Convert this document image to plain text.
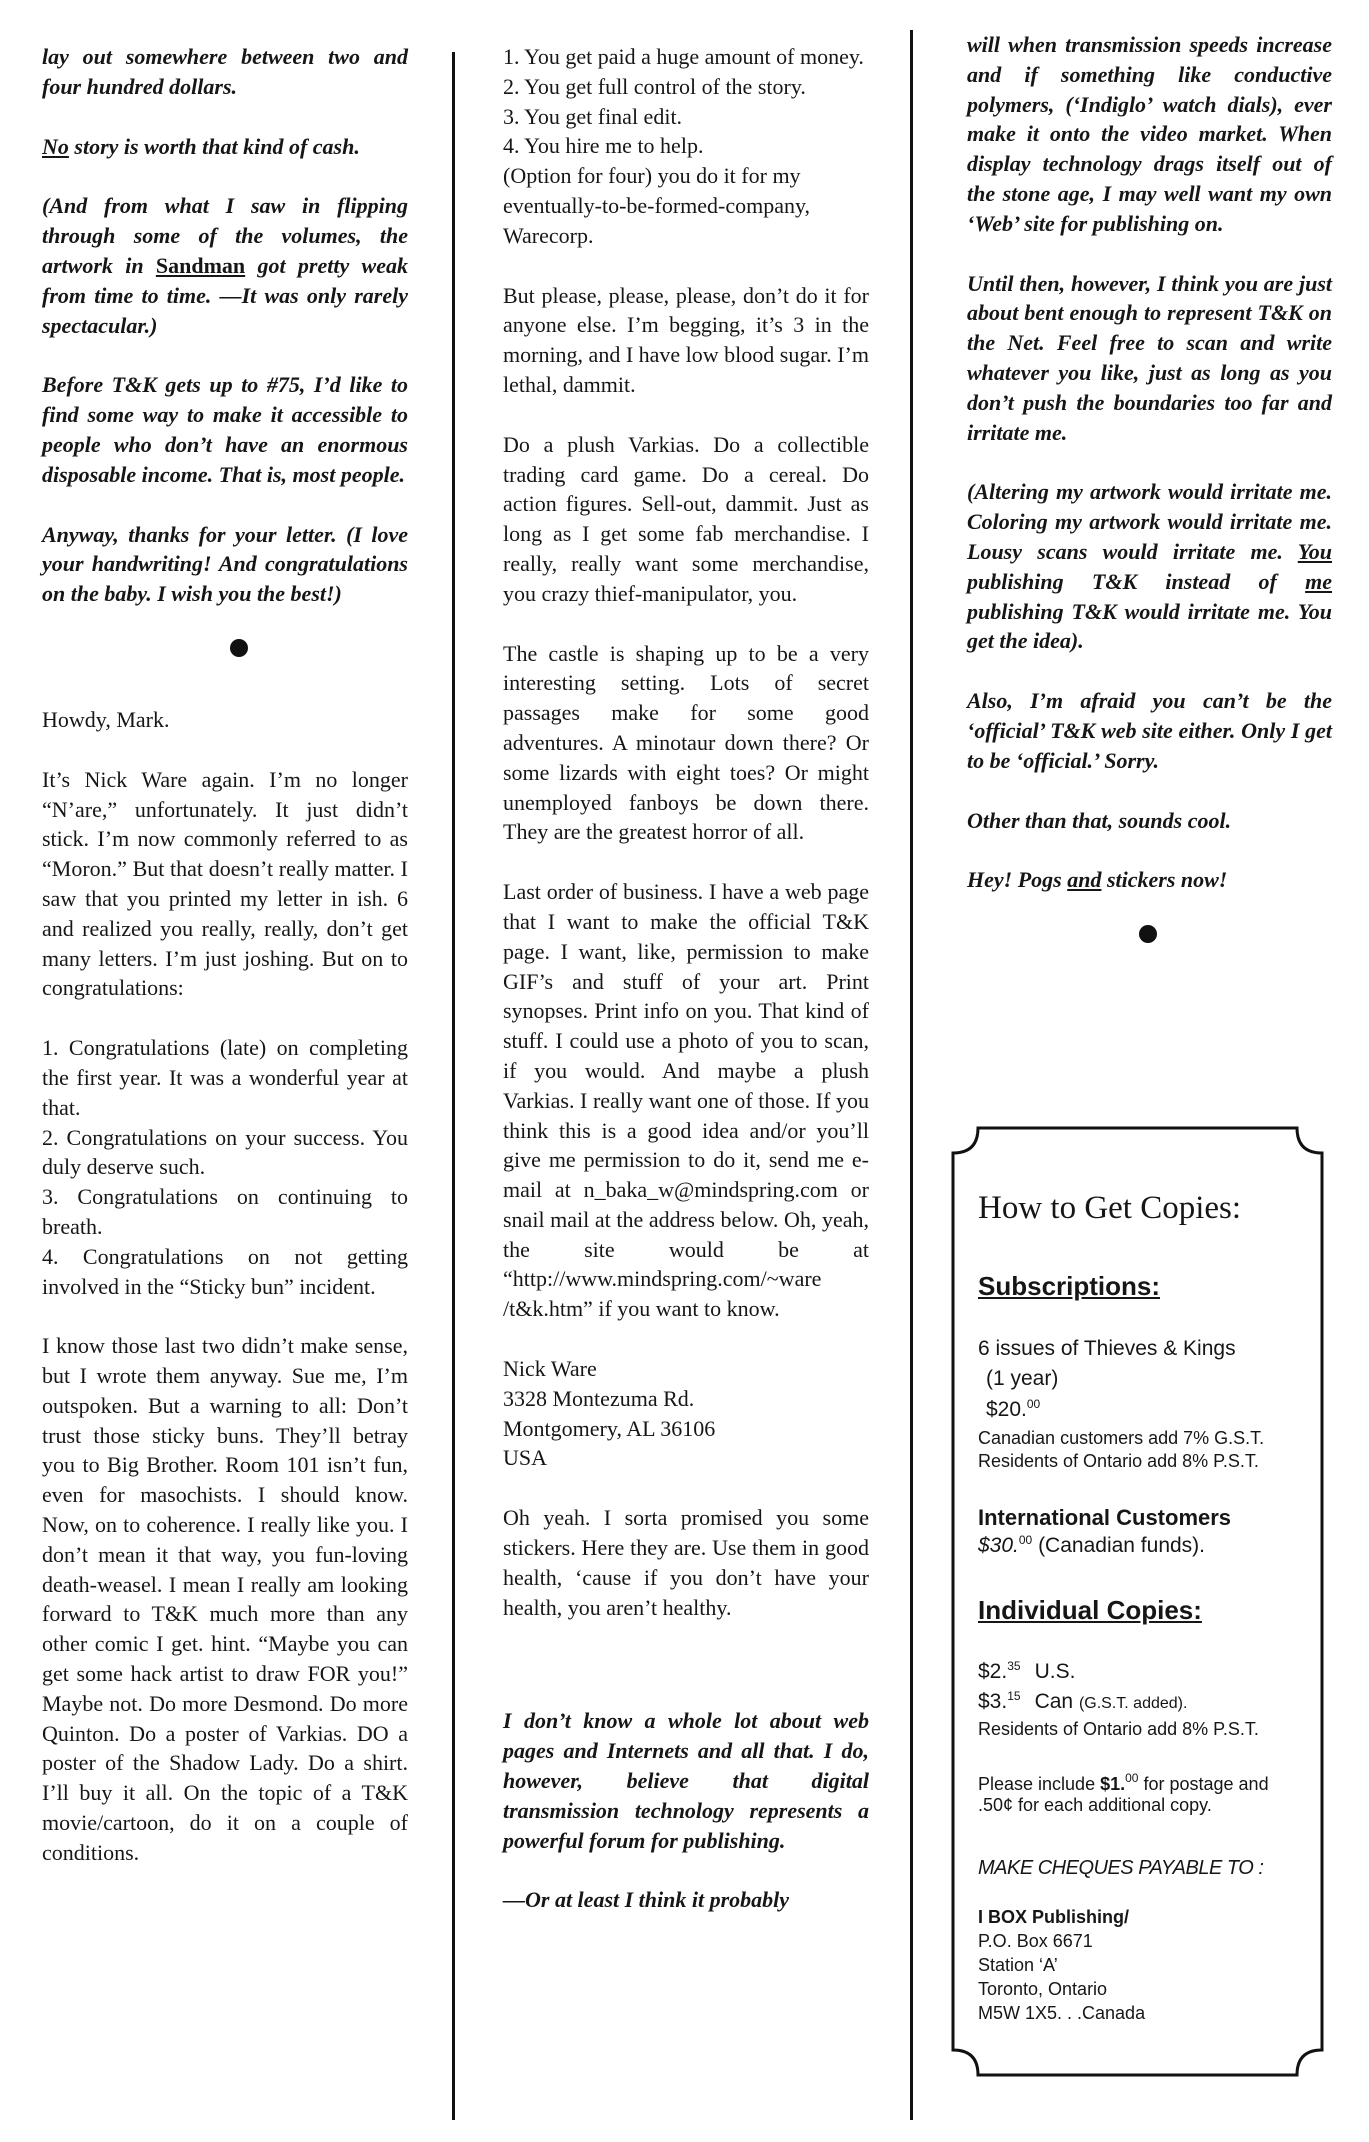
lay out somewhere between two and four hundred dollars.

No story is worth that kind of cash.

(And from what I saw in flipping through some of the volumes, the artwork in Sandman got pretty weak from time to time. —It was only rarely spectacular.)

Before T&K gets up to #75, I’d like to find some way to make it accessible to people who don’t have an enormous disposable income. That is, most people.

Anyway, thanks for your letter. (I love your handwriting! And congratulations on the baby. I wish you the best!)

Howdy, Mark.

It’s Nick Ware again. I’m no longer “N’are,” unfortunately. It just didn’t stick. I’m now commonly referred to as “Moron.” But that doesn’t really matter. I saw that you printed my letter in ish. 6 and realized you really, really, don’t get many letters. I’m just joshing. But on to congratulations:

1. Congratulations (late) on completing the first year. It was a wonderful year at that.
2. Congratulations on your success. You duly deserve such.
3. Congratulations on continuing to breath.
4. Congratulations on not getting involved in the “Sticky bun” incident.

I know those last two didn’t make sense, but I wrote them anyway. Sue me, I’m outspoken. But a warning to all: Don’t trust those sticky buns. They’ll betray you to Big Brother. Room 101 isn’t fun, even for masochists. I should know. Now, on to coherence. I really like you. I don’t mean it that way, you fun-loving death-weasel. I mean I really am looking forward to T&K much more than any other comic I get. hint. “Maybe you can get some hack artist to draw FOR you!” Maybe not. Do more Desmond. Do more Quinton. Do a poster of Varkias. DO a poster of the Shadow Lady. Do a shirt. I’ll buy it all. On the topic of a T&K movie/cartoon, do it on a couple of conditions.

1. You get paid a huge amount of money.
2. You get full control of the story.
3. You get final edit.
4. You hire me to help.
(Option for four) you do it for my eventually-to-be-formed-company, Warecorp.

But please, please, please, don’t do it for anyone else. I’m begging, it’s 3 in the morning, and I have low blood sugar. I’m lethal, dammit.

Do a plush Varkias. Do a collectible trading card game. Do a cereal. Do action figures. Sell-out, dammit. Just as long as I get some fab merchandise. I really, really want some merchandise, you crazy thief-manipulator, you.

The castle is shaping up to be a very interesting setting. Lots of secret passages make for some good adventures. A minotaur down there? Or some lizards with eight toes? Or might unemployed fanboys be down there. They are the greatest horror of all.

Last order of business. I have a web page that I want to make the official T&K page. I want, like, permission to make GIF’s and stuff of your art. Print synopses. Print info on you. That kind of stuff. I could use a photo of you to scan, if you would. And maybe a plush Varkias. I really want one of those. If you think this is a good idea and/or you’ll give me permission to do it, send me e-mail at n_baka_w@mindspring.com or snail mail at the address below. Oh, yeah, the site would be at “http://www.mindspring.com/~ware /t&k.htm” if you want to know.

Nick Ware
3328 Montezuma Rd.
Montgomery, AL 36106
USA

Oh yeah. I sorta promised you some stickers. Here they are. Use them in good health, ‘cause if you don’t have your health, you aren’t healthy.

I don’t know a whole lot about web pages and Internets and all that. I do, however, believe that digital transmission technology represents a powerful forum for publishing.

—Or at least I think it probably

will when transmission speeds increase and if something like conductive polymers, (‘Indiglo’ watch dials), ever make it onto the video market. When display technology drags itself out of the stone age, I may well want my own ‘Web’ site for publishing on.

Until then, however, I think you are just about bent enough to represent T&K on the Net. Feel free to scan and write whatever you like, just as long as you don’t push the boundaries too far and irritate me.

(Altering my artwork would irritate me. Coloring my artwork would irritate me. Lousy scans would irritate me. You publishing T&K instead of me publishing T&K would irritate me. You get the idea).

Also, I’m afraid you can’t be the ‘official’ T&K web site either. Only I get to be ‘official.’ Sorry.

Other than that, sounds cool.

Hey! Pogs and stickers now!

How to Get Copies:
Subscriptions:
6 issues of Thieves & Kings
(1 year)
$20.00
Canadian customers add 7% G.S.T.
Residents of Ontario add 8% P.S.T.
International Customers
$30.00 (Canadian funds).
Individual Copies:
$2.35 U.S.
$3.15 Can (G.S.T. added).
Residents of Ontario add 8% P.S.T.
Please include $1.00 for postage and
.50¢ for each additional copy.
MAKE CHEQUES PAYABLE TO :
I BOX Publishing/
P.O. Box 6671
Station ‘A’
Toronto, Ontario
M5W 1X5. . .Canada
